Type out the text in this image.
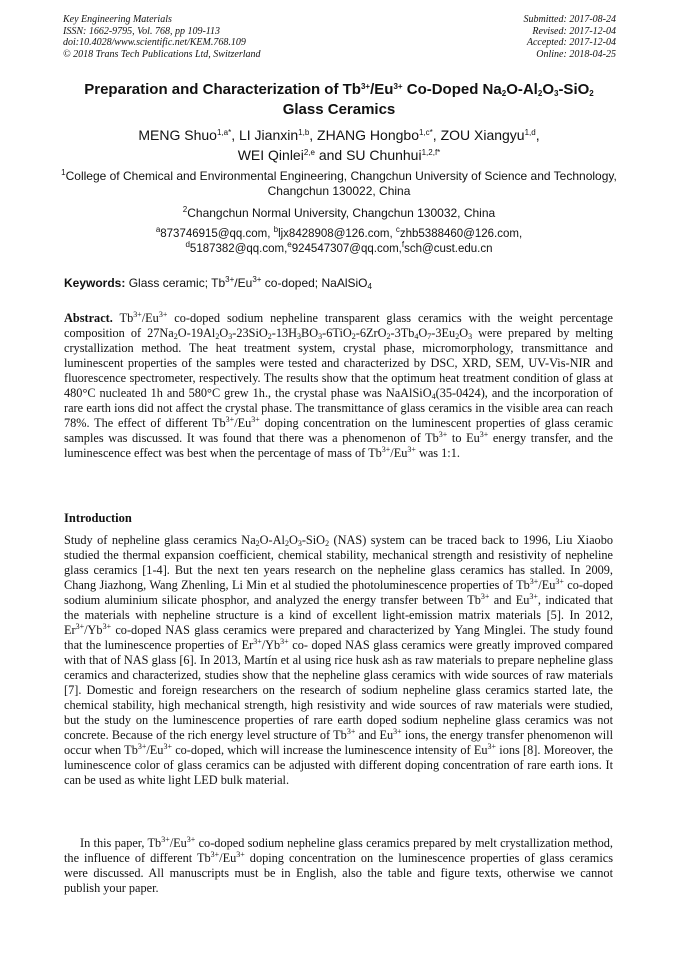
Key Engineering Materials
ISSN: 1662-9795, Vol. 768, pp 109-113
doi:10.4028/www.scientific.net/KEM.768.109
© 2018 Trans Tech Publications Ltd, Switzerland
Submitted: 2017-08-24
Revised: 2017-12-04
Accepted: 2017-12-04
Online: 2018-04-25
Preparation and Characterization of $Tb^{3+}/Eu^{3+}$ Co-Doped $Na_2O-Al_2O_3-SiO_2$
Glass Ceramics
MENG Shuo$^{1,a*}$, LI Jianxin$^{1,b}$, ZHANG Hongbo$^{1,c*}$, ZOU Xiangyu$^{1,d}$,
WEI Qinlei$^{2,e}$ and SU Chunhui$^{1,2,f*}$
$^1$College of Chemical and Environmental Engineering, Changchun University of Science and Technology, Changchun 130022, China
$^2$Changchun Normal University, Changchun 130032, China
$^a$873746915@qq.com, $^b$ljx8428908@126.com, $^c$zhb5388460@126.com,
$^d$5187382@qq.com,$^e$924547307@qq.com,$^f$sch@cust.edu.cn
Keywords: Glass ceramic; $Tb^{3+}/Eu^{3+}$ co-doped; NaAlSiO$_4$
Abstract. $Tb^{3+}/Eu^{3+}$ co-doped sodium nepheline transparent glass ceramics with the weight percentage composition of $27Na_2O-19Al_2O_3-23SiO_2-13H_3BO_3-6TiO_2-6ZrO_2-3Tb_4O_7-3Eu_2O_3$ were prepared by melting crystallization method. The heat treatment system, crystal phase, micromorphology, transmittance and luminescent properties of the samples were tested and characterized by DSC, XRD, SEM, UV-Vis-NIR and fluorescence spectrometer, respectively. The results show that the optimum heat treatment condition of glass at 480°C nucleated 1h and 580°C grew 1h., the crystal phase was NaAlSiO$_4$(35-0424), and the incorporation of rare earth ions did not affect the crystal phase. The transmittance of glass ceramics in the visible area can reach 78%. The effect of different $Tb^{3+}/Eu^{3+}$ doping concentration on the luminescent properties of glass ceramic samples was discussed. It was found that there was a phenomenon of $Tb^{3+}$ to $Eu^{3+}$ energy transfer, and the luminescence effect was best when the percentage of mass of $Tb^{3+}/Eu^{3+}$ was 1:1.
Introduction
Study of nepheline glass ceramics $Na_2O-Al_2O_3-SiO_2$ (NAS) system can be traced back to 1996, Liu Xiaobo studied the thermal expansion coefficient, chemical stability, mechanical strength and resistivity of nepheline glass ceramics [1-4]. But the next ten years research on the nepheline glass ceramics has stalled. In 2009, Chang Jiazhong, Wang Zhenling, Li Min et al studied the photoluminescence properties of $Tb^{3+}/Eu^{3+}$ co-doped sodium aluminium silicate phosphor, and analyzed the energy transfer between $Tb^{3+}$ and $Eu^{3+}$, indicated that the materials with nepheline structure is a kind of excellent light-emission matrix materials [5]. In 2012, $Er^{3+}/Yb^{3+}$ co-doped NAS glass ceramics were prepared and characterized by Yang Minglei. The study found that the luminescence properties of $Er^{3+}/Yb^{3+}$ co- doped NAS glass ceramics were greatly improved compared with that of NAS glass [6]. In 2013, Martín et al using rice husk ash as raw materials to prepare nepheline glass ceramics and characterized, studies show that the nepheline glass ceramics with wide sources of raw materials [7]. Domestic and foreign researchers on the research of sodium nepheline glass ceramics started late, the chemical stability, high mechanical strength, high resistivity and wide sources of raw materials were studied, but the study on the luminescence properties of rare earth doped sodium nepheline glass ceramics was not concrete. Because of the rich energy level structure of $Tb^{3+}$ and $Eu^{3+}$ ions, the energy transfer phenomenon will occur when $Tb^{3+}/Eu^{3+}$ co-doped, which will increase the luminescence intensity of $Eu^{3+}$ ions [8]. Moreover, the luminescence color of glass ceramics can be adjusted with different doping concentration of rare earth ions. It can be used as white light LED bulk material.
In this paper, $Tb^{3+}/Eu^{3+}$ co-doped sodium nepheline glass ceramics prepared by melt crystallization method, the influence of different $Tb^{3+}/Eu^{3+}$ doping concentration on the luminescence properties of glass ceramics were discussed. All manuscripts must be in English, also the table and figure texts, otherwise we cannot publish your paper.
